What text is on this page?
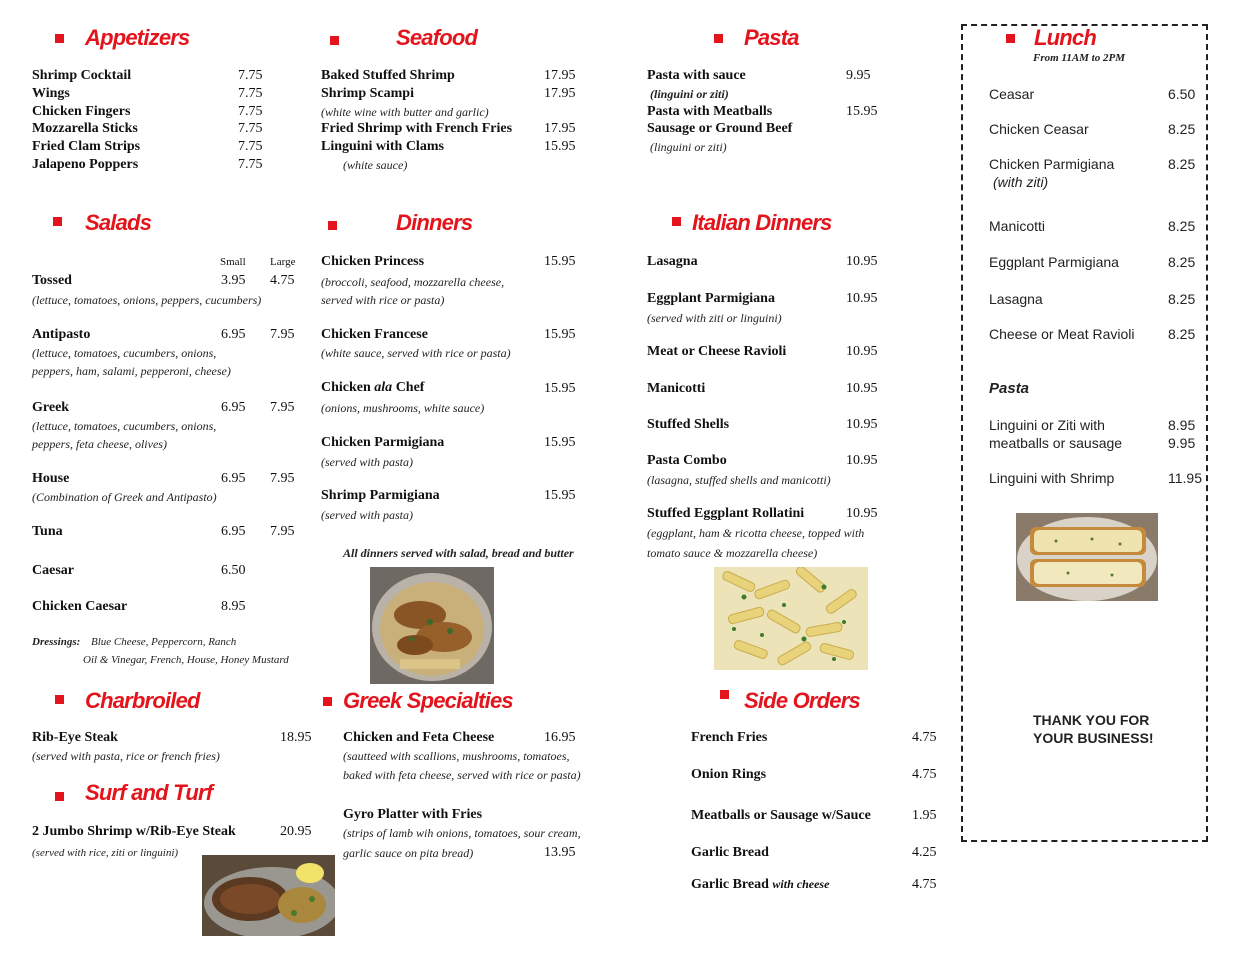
Appetizers
Shrimp Cocktail	7.75
Wings	7.75
Chicken Fingers	7.75
Mozzarella Sticks	7.75
Fried Clam Strips	7.75
Jalapeno Poppers	7.75
Seafood
Baked Stuffed Shrimp	17.95
Shrimp Scampi	17.95
(white wine with butter and garlic)
Fried Shrimp with French Fries 17.95
Linguini with Clams	15.95
(white sauce)
Pasta
Pasta with sauce	9.95
(linguini or ziti)
Pasta with Meatballs	15.95
Sausage or Ground Beef
(linguini or ziti)
Salads
Small Large
Tossed	3.95 4.75
(lettuce, tomatoes, onions, peppers, cucumbers)
Antipasto	6.95 7.95
(lettuce, tomatoes, cucumbers, onions,
peppers, ham, salami, pepperoni, cheese)
Greek	6.95 7.95
(lettuce, tomatoes, cucumbers, onions,
peppers, feta cheese, olives)
House	6.95 7.95
(Combination of Greek and Antipasto)
Tuna	6.95 7.95
Caesar	6.50
Chicken Caesar	8.95
Dressings: Blue Cheese, Peppercorn, Ranch
Oil & Vinegar, French, House, Honey Mustard
Dinners
Chicken Princess	15.95
(broccoli, seafood, mozzarella cheese,
served with rice or pasta)
Chicken Francese	15.95
(white sauce, served with rice or pasta)
Chicken ala Chef	15.95
(onions, mushrooms, white sauce)
Chicken Parmigiana	15.95
(served with pasta)
Shrimp Parmigiana	15.95
(served with pasta)
All dinners served with salad, bread and butter
Italian Dinners
Lasagna	10.95
Eggplant Parmigiana	10.95
(served with ziti or linguini)
Meat or Cheese Ravioli	10.95
Manicotti	10.95
Stuffed Shells	10.95
Pasta Combo	10.95
(lasagna, stuffed shells and manicotti)
Stuffed Eggplant Rollatini	10.95
(eggplant, ham & ricotta cheese, topped with
tomato sauce & mozzarella cheese)
Charbroiled
Rib-Eye Steak	18.95
(served with pasta, rice or french fries)
Surf and Turf
2 Jumbo Shrimp w/Rib-Eye Steak	20.95
(served with rice, ziti or linguini)
Greek Specialties
Chicken and Feta Cheese	16.95
(sautteed with scallions, mushrooms, tomatoes,
baked with feta cheese, served with rice or pasta)
Gyro Platter with Fries
(strips of lamb wih onions, tomatoes, sour cream,
garlic sauce on pita bread)	13.95
Side Orders
French Fries	4.75
Onion Rings	4.75
Meatballs or Sausage w/Sauce	1.95
Garlic Bread	4.25
Garlic Bread with cheese	4.75
Lunch
From 11AM to 2PM
Ceasar	6.50
Chicken Ceasar	8.25
Chicken Parmigiana	8.25
(with ziti)
Manicotti	8.25
Eggplant Parmigiana	8.25
Lasagna	8.25
Cheese or Meat Ravioli 8.25
Pasta
Linguini or Ziti with	8.95
meatballs or sausage	9.95
Linguini with Shrimp	11.95
THANK YOU FOR
YOUR BUSINESS!
